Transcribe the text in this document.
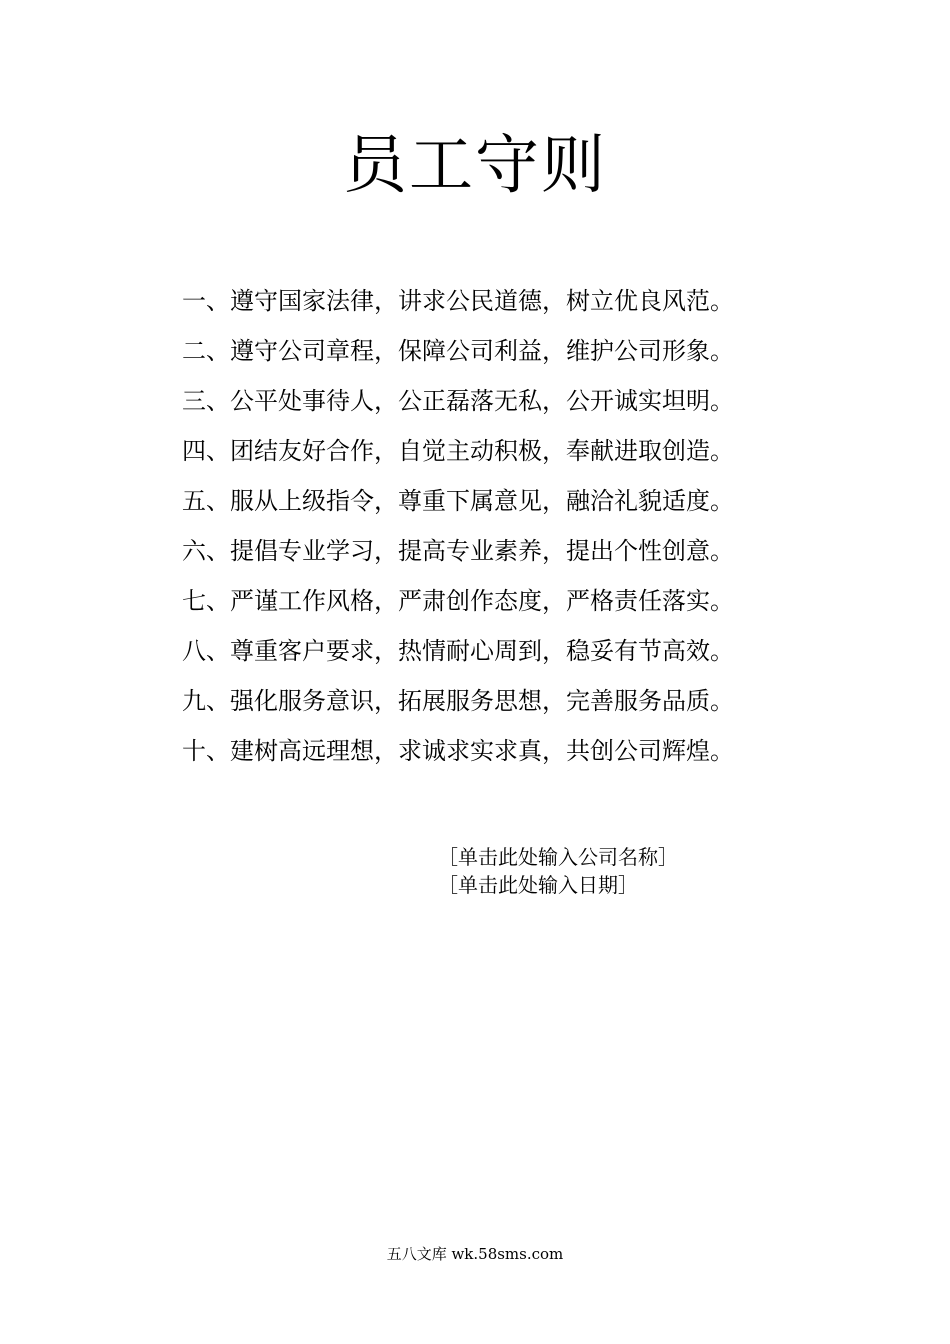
员工守则
一、遵守国家法律，讲求公民道德，树立优良风范。
二、遵守公司章程，保障公司利益，维护公司形象。
三、公平处事待人，公正磊落无私，公开诚实坦明。
四、团结友好合作，自觉主动积极，奉献进取创造。
五、服从上级指令，尊重下属意见，融洽礼貌适度。
六、提倡专业学习，提高专业素养，提出个性创意。
七、严谨工作风格，严肃创作态度，严格责任落实。
八、尊重客户要求，热情耐心周到，稳妥有节高效。
九、强化服务意识，拓展服务思想，完善服务品质。
十、建树高远理想，求诚求实求真，共创公司辉煌。
［单击此处输入公司名称］
［单击此处输入日期］
五八文库 wk.58sms.com
